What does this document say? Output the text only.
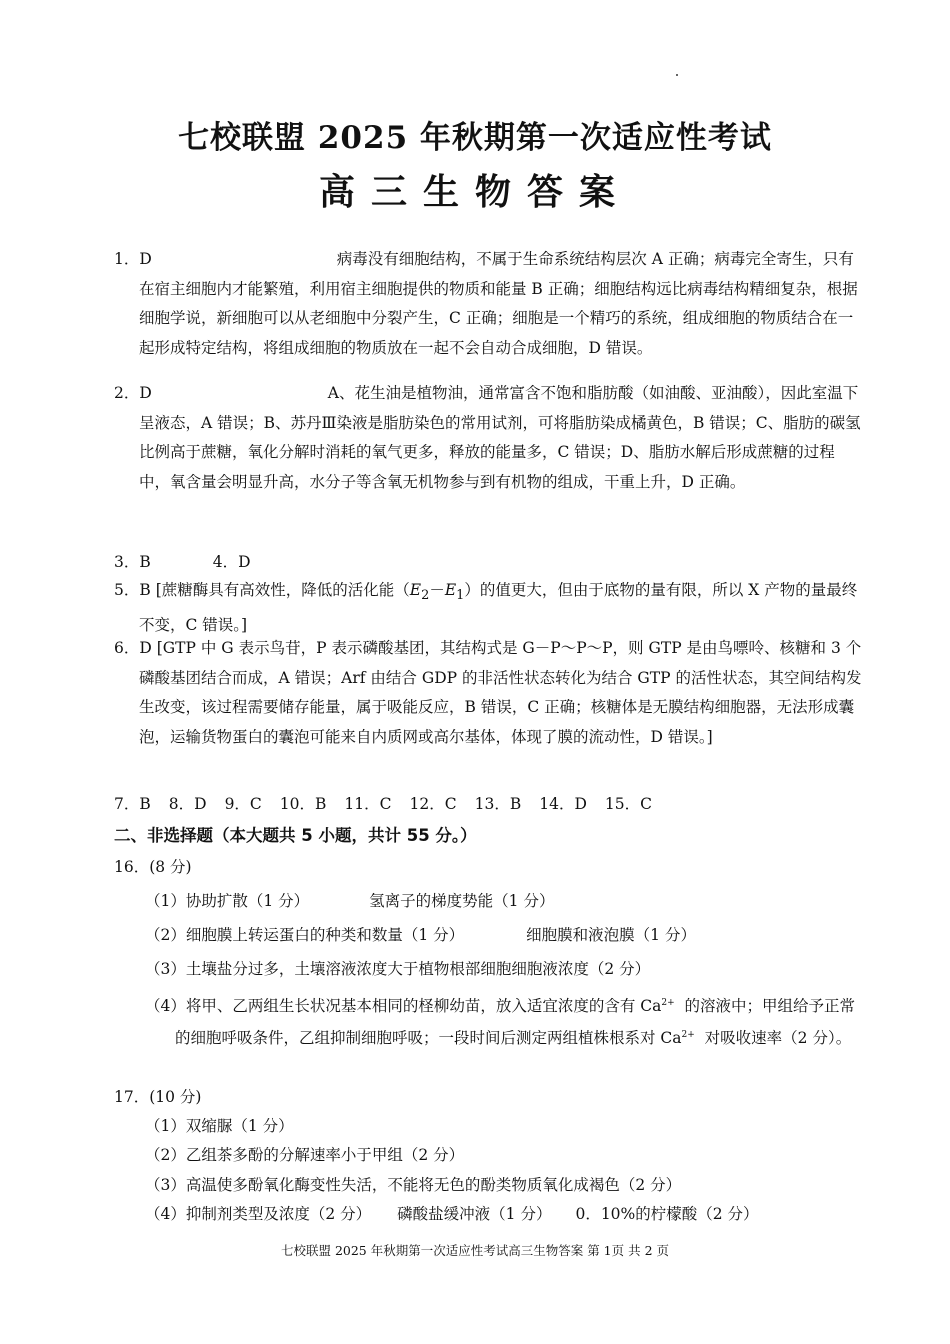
七校联盟 2025 年秋期第一次适应性考试
高三生物答案
1．D	病毒没有细胞结构，不属于生命系统结构层次 A 正确；病毒完全寄生，只有在宿主细胞内才能繁殖，利用宿主细胞提供的物质和能量 B 正确；细胞结构远比病毒结构精细复杂，根据细胞学说，新细胞可以从老细胞中分裂产生，C 正确；细胞是一个精巧的系统，组成细胞的物质结合在一起形成特定结构，将组成细胞的物质放在一起不会自动合成细胞，D 错误。
2．D	A、花生油是植物油，通常富含不饱和脂肪酸（如油酸、亚油酸），因此室温下呈液态，A 错误；B、苏丹Ⅲ染液是脂肪染色的常用试剂，可将脂肪染成橘黄色，B 错误；C、脂肪的碳氢比例高于蔗糖，氧化分解时消耗的氧气更多，释放的能量多，C 错误；D、脂肪水解后形成蔗糖的过程中，氧含量会明显升高，水分子等含氧无机物参与到有机物的组成，干重上升，D 正确。
3．B	4．D
5．B [蔗糖酶具有高效性，降低的活化能$(E_2-E_1)$的值更大，但由于底物的量有限，所以 X 产物的量最终不变，C 错误。]
6．D [GTP 中 G 表示鸟苷，P 表示磷酸基团，其结构式是 G－P～P～P，则 GTP 是由鸟嘌呤、核糖和 3 个磷酸基团结合而成，A 错误；Arf 由结合 GDP 的非活性状态转化为结合 GTP 的活性状态，其空间结构发生改变，该过程需要储存能量，属于吸能反应，B 错误，C 正确；核糖体是无膜结构细胞器，无法形成囊泡，运输货物蛋白的囊泡可能来自内质网或高尔基体，体现了膜的流动性，D 错误。]
7．B 8．D 9．C 10．B 11．C 12．C 13．B 14．D 15．C
二、非选择题（本大题共 5 小题，共计 55 分。）
16．(8 分)
（1）协助扩散（1 分）	氢离子的梯度势能（1 分）
（2）细胞膜上转运蛋白的种类和数量（1 分）	细胞膜和液泡膜（1 分）
（3）土壤盐分过多，土壤溶液浓度大于植物根部细胞细胞液浓度（2 分）
（4）将甲、乙两组生长状况基本相同的柽柳幼苗，放入适宜浓度的含有 $Ca^{2+}$ 的溶液中；甲组给予正常的细胞呼吸条件，乙组抑制细胞呼吸；一段时间后测定两组植株根系对 $Ca^{2+}$ 对吸收速率（2 分）。
17．(10 分)
（1）双缩脲（1 分）
（2）乙组茶多酚的分解速率小于甲组（2 分）
（3）高温使多酚氧化酶变性失活，不能将无色的酚类物质氧化成褐色（2 分）
（4）抑制剂类型及浓度（2 分） 磷酸盐缓冲液（1 分） 0．10%的柠檬酸（2 分）
七校联盟 2025 年秋期第一次适应性考试高三生物答案 第 1页 共 2 页
